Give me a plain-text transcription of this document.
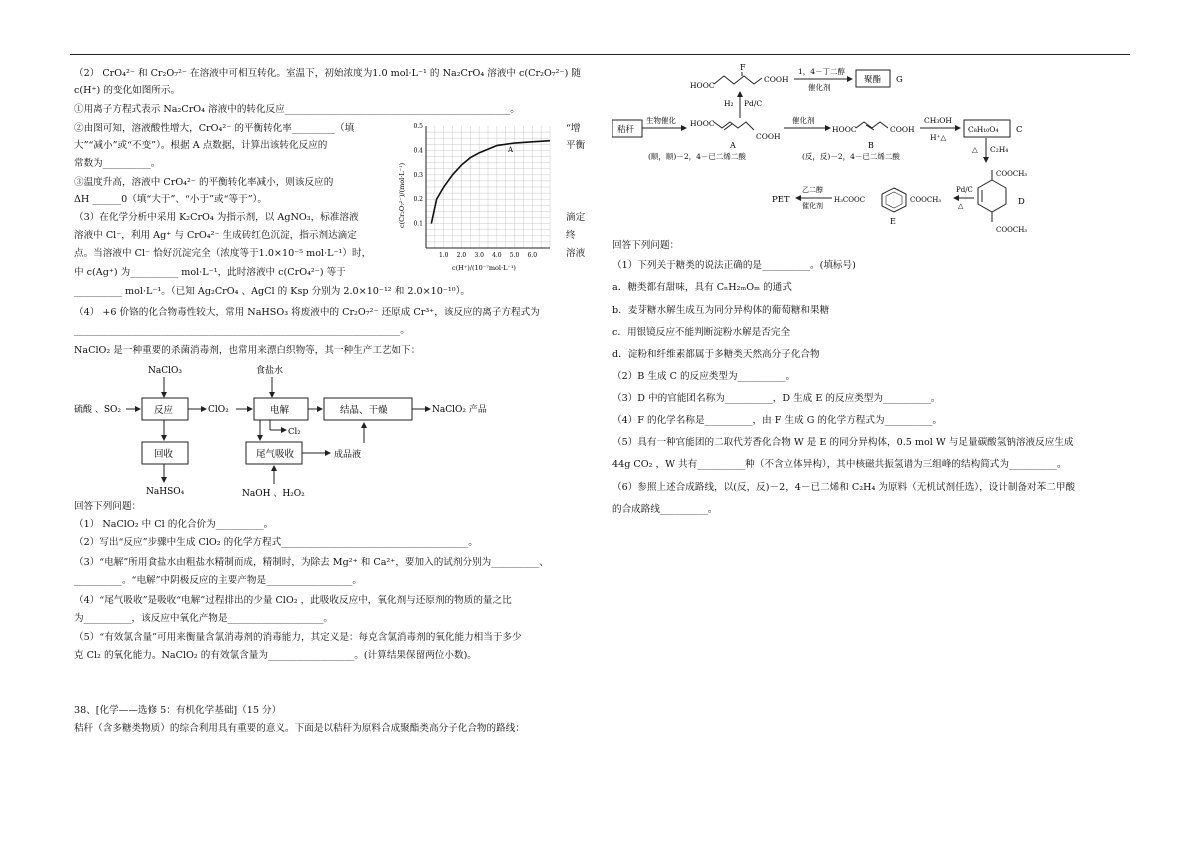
（2） CrO₄²⁻ 和 Cr₂O₇²⁻ 在溶液中可相互转化。室温下，初始浓度为1.0 mol·L⁻¹ 的 Na₂CrO₄ 溶液中 c(Cr₂O₇²⁻) 随
c(H⁺) 的变化如图所示。
①用离子方程式表示 Na₂CrO₄ 溶液中的转化反应_______________________________________________。
②由图可知，溶液酸性增大，CrO₄²⁻ 的平衡转化率_________（填
大”“减小”或“不变”）。根据 A 点数据，计算出该转化反应的
常数为__________。
③温度升高，溶液中 CrO₄²⁻ 的平衡转化率减小，则该反应的
ΔH ______0（填“大于”、“小于”或“等于”）。
（3）在化学分析中采用 K₂CrO₄ 为指示剂，以 AgNO₃，标准溶液
溶液中 Cl⁻，利用 Ag⁺ 与 CrO₄²⁻ 生成砖红色沉淀，指示剂达滴定
点。当溶液中 Cl⁻ 恰好沉淀完全（浓度等于1.0×10⁻⁵ mol·L⁻¹）时，
中 c(Ag⁺) 为__________ mol·L⁻¹，此时溶液中 c(CrO₄²⁻) 等于
__________ mol·L⁻¹。（已知 Ag₂CrO₄ 、AgCl 的 Ksp 分别为 2.0×10⁻¹² 和 2.0×10⁻¹⁰）。
（4） +6 价铬的化合物毒性较大，常用 NaHSO₃ 将废液中的 Cr₂O₇²⁻ 还原成 Cr³⁺，该反应的离子方程式为
____________________________________________________________________。
NaClO₂ 是一种重要的杀菌消毒剂，也常用来漂白织物等，其一种生产工艺如下：
回答下列问题：
（1） NaClO₂ 中 Cl 的化合价为__________。
（2）写出“反应”步骤中生成 ClO₂ 的化学方程式_______________________________________。
（3）“电解”所用食盐水由粗盐水精制而成，精制时，为除去 Mg²⁺ 和 Ca²⁺，要加入的试剂分别为__________、
__________。“电解”中阴极反应的主要产物是__________________。
（4）“尾气吸收”是吸收“电解”过程排出的少量 ClO₂ ，此吸收反应中，氧化剂与还原剂的物质的量之比
为__________，该反应中氧化产物是____________________。
（5）“有效氯含量”可用来衡量含氯消毒剂的消毒能力，其定义是：每克含氯消毒剂的氧化能力相当于多少
克 Cl₂ 的氧化能力。NaClO₂ 的有效氯含量为__________________。(计算结果保留两位小数)。
38、[化学——选修 5：有机化学基础]（15 分）
秸秆（含多糖类物质）的综合利用具有重要的意义。下面是以秸秆为原料合成聚酯类高分子化合物的路线：
“增
平衡
滴定
终
溶液
0.5
0.4
0.3
0.2
0.1
1.0 2.0 3.0 4.0 5.0 6.0
A
c(Cr₂O₇²⁻)/(mol·L⁻¹)
c(H⁺)/(10⁻⁷mol·L⁻¹)
NaClO₃
硫酸 、SO₂	反应	ClO₂
食盐水
电解	结晶、干燥	NaClO₂ 产品
Cl₂
回收
NaHSO₄
尾气吸收	成品液
NaOH 、H₂O₂
F
HOOC
COOH
1，4－丁二醇
催化剂
聚酯 G
H₂ Pd/C
秸秆
生物催化 HOOC
COOH
A
催化剂
HOOC	COOH
B
CH₃OH
H⁺△
C₈H₁₀O₄ C
(顺，顺)－2，4－已二烯二酸	(反，反)－2，4－已二烯二酸
△ C₂H₄
COOCH₃
COOCH₃
D
Pd/C
△
H₃COOC	COOCH₃
E
乙二醇
催化剂
PET
回答下列问题：
（1）下列关于糖类的说法正确的是__________。(填标号)
a．糖类都有甜味，具有 CₙH₂ₘOₘ 的通式
b．麦芽糖水解生成互为同分异构体的葡萄糖和果糖
c．用银镜反应不能判断淀粉水解是否完全
d．淀粉和纤维素都属于多糖类天然高分子化合物
（2）B 生成 C 的反应类型为__________。
（3）D 中的官能团名称为__________，D 生成 E 的反应类型为__________。
（4）F 的化学名称是__________，由 F 生成 G 的化学方程式为__________。
（5）具有一种官能团的二取代芳香化合物 W 是 E 的同分异构体，0.5 mol W 与足量碳酸氢钠溶液反应生成
44g CO₂ ，W 共有__________种（不含立体异构），其中核磁共振氢谱为三组峰的结构简式为__________。
（6）参照上述合成路线，以(反，反)－2，4－已二烯和 C₂H₄ 为原料（无机试剂任选），设计制备对苯二甲酸
的合成路线__________。
